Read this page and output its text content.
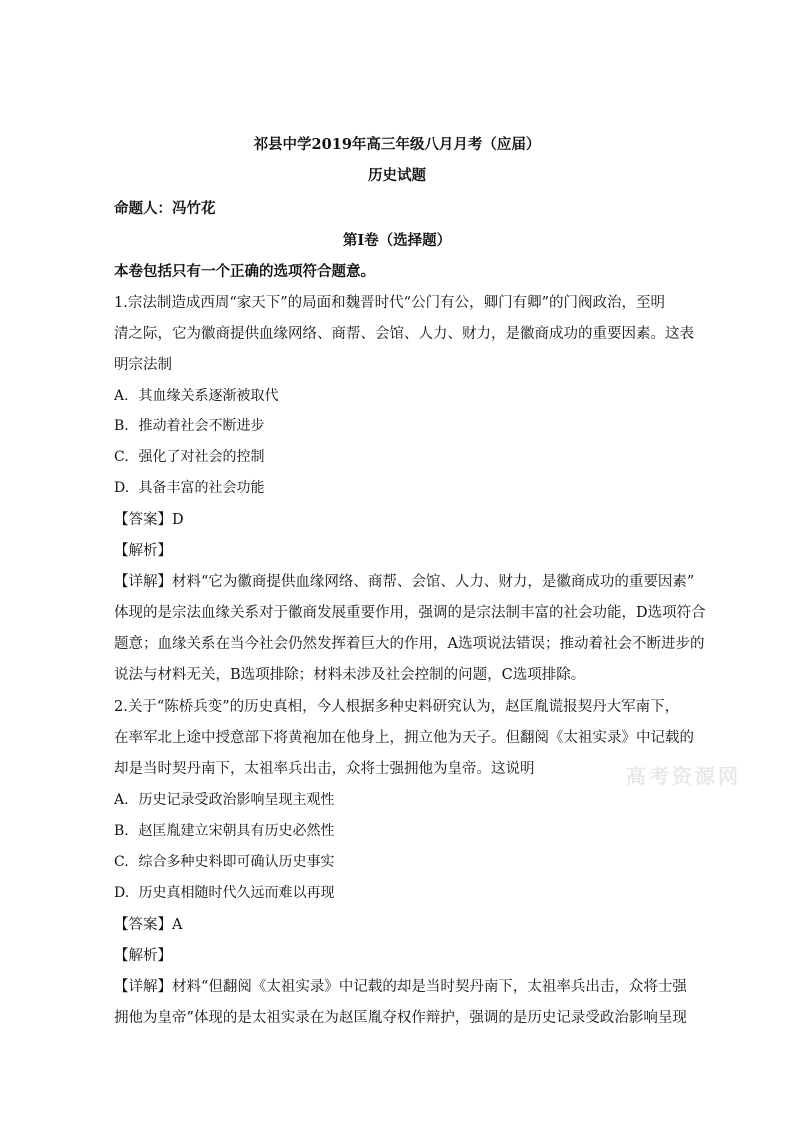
祁县中学2019年高三年级八月月考（应届）
历史试题
命题人：冯竹花
第Ⅰ卷（选择题）
本卷包括只有一个正确的选项符合题意。
1.宗法制造成西周“家天下”的局面和魏晋时代“公门有公，卿门有卿”的门阀政治，至明
清之际，它为徽商提供血缘网络、商帮、会馆、人力、财力，是徽商成功的重要因素。这表
明宗法制
A. 其血缘关系逐渐被取代
B. 推动着社会不断进步
C. 强化了对社会的控制
D. 具备丰富的社会功能
【答案】D
【解析】
【详解】材料“它为徽商提供血缘网络、商帮、会馆、人力、财力，是徽商成功的重要因素”
体现的是宗法血缘关系对于徽商发展重要作用，强调的是宗法制丰富的社会功能，D选项符合
题意；血缘关系在当今社会仍然发挥着巨大的作用，A选项说法错误；推动着社会不断进步的
说法与材料无关，B选项排除；材料未涉及社会控制的问题，C选项排除。
2.关于“陈桥兵变”的历史真相，今人根据多种史料研究认为，赵匡胤谎报契丹大军南下，
在率军北上途中授意部下将黄袍加在他身上，拥立他为天子。但翻阅《太祖实录》中记载的
却是当时契丹南下，太祖率兵出击，众将士强拥他为皇帝。这说明
A. 历史记录受政治影响呈现主观性
B. 赵匡胤建立宋朝具有历史必然性
C. 综合多种史料即可确认历史事实
D. 历史真相随时代久远而难以再现
【答案】A
【解析】
【详解】材料“但翻阅《太祖实录》中记载的却是当时契丹南下，太祖率兵出击，众将士强
拥他为皇帝”体现的是太祖实录在为赵匡胤夺权作辩护，强调的是历史记录受政治影响呈现
高考资源网
